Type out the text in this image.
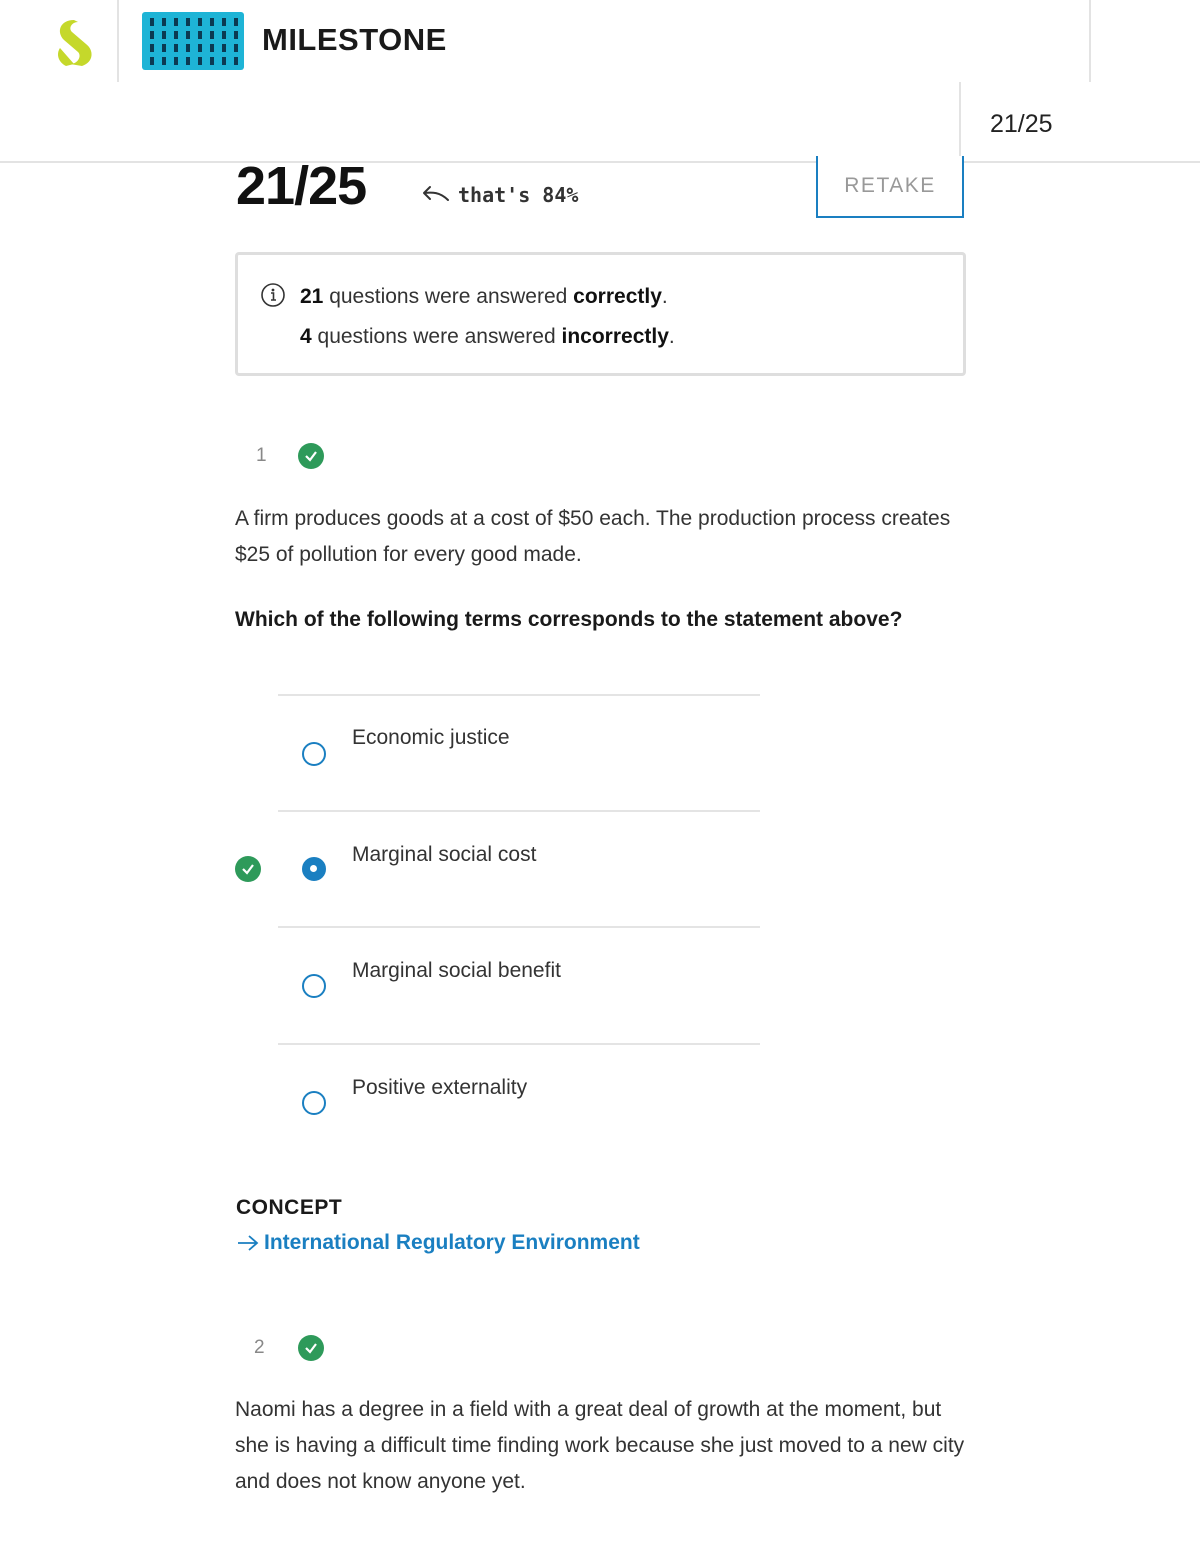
MILESTONE
21/25
21/25	that's 84%	RETAKE
21 questions were answered correctly.
4 questions were answered incorrectly.
1
A firm produces goods at a cost of $50 each. The production process creates $25 of pollution for every good made.
Which of the following terms corresponds to the statement above?
Economic justice
Marginal social cost
Marginal social benefit
Positive externality
CONCEPT
International Regulatory Environment
2
Naomi has a degree in a field with a great deal of growth at the moment, but she is having a difficult time finding work because she just moved to a new city and does not know anyone yet.
